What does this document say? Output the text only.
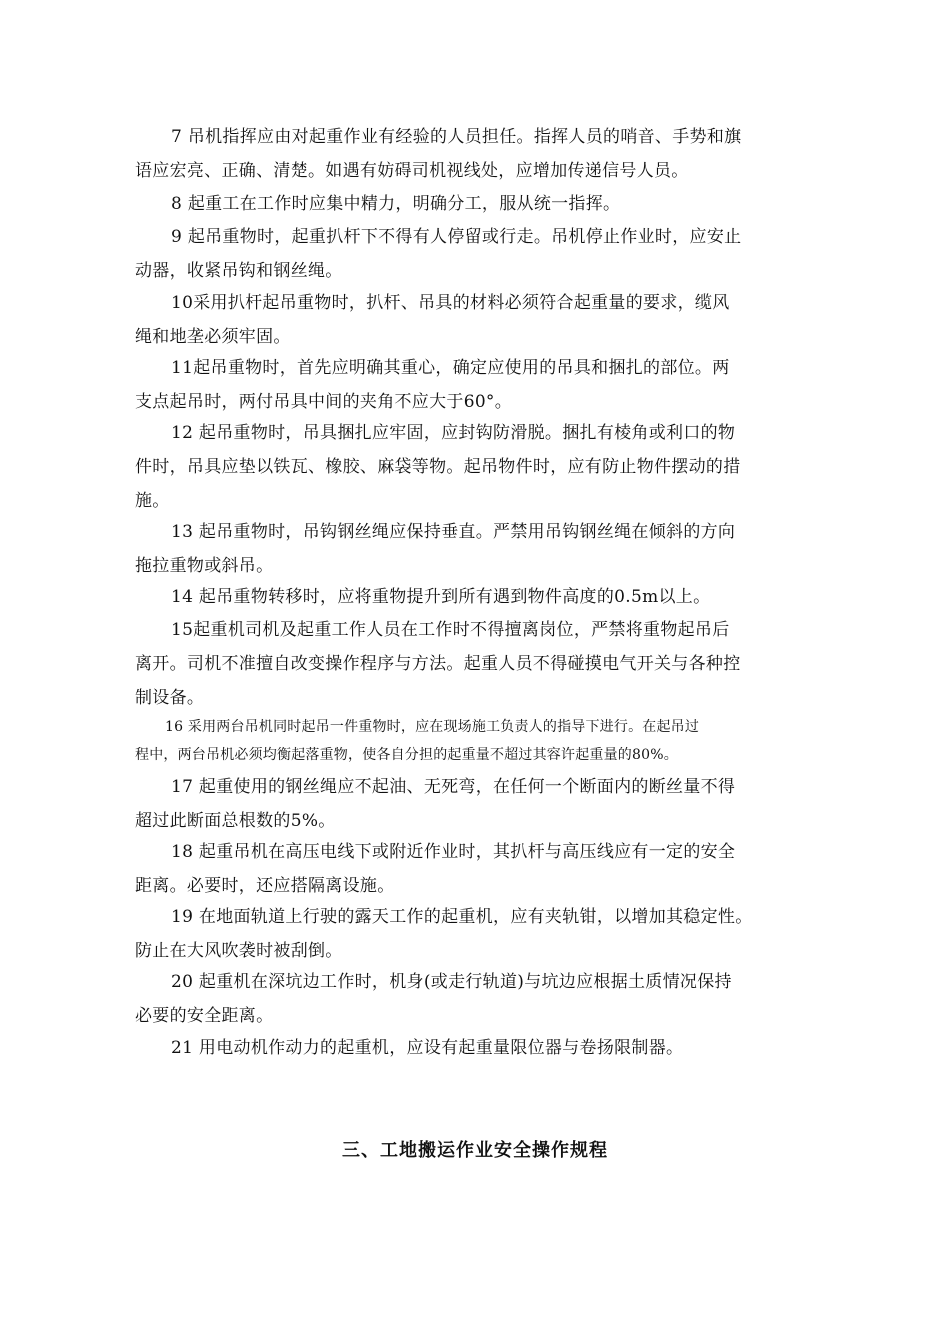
7 吊机指挥应由对起重作业有经验的人员担任。指挥人员的哨音、手势和旗
语应宏亮、正确、清楚。如遇有妨碍司机视线处，应增加传递信号人员。

8 起重工在工作时应集中精力，明确分工，服从统一指挥。

9 起吊重物时，起重扒杆下不得有人停留或行走。吊机停止作业时，应安止
动器，收紧吊钩和钢丝绳。

10采用扒杆起吊重物时，扒杆、吊具的材料必须符合起重量的要求，缆风
绳和地垄必须牢固。

11起吊重物时，首先应明确其重心，确定应使用的吊具和捆扎的部位。两
支点起吊时，两付吊具中间的夹角不应大于60°。

12 起吊重物时，吊具捆扎应牢固，应封钩防滑脱。捆扎有棱角或利口的物
件时，吊具应垫以铁瓦、橡胶、麻袋等物。起吊物件时，应有防止物件摆动的措
施。

13 起吊重物时，吊钩钢丝绳应保持垂直。严禁用吊钩钢丝绳在倾斜的方向
拖拉重物或斜吊。

14 起吊重物转移时，应将重物提升到所有遇到物件高度的0.5m以上。

15起重机司机及起重工作人员在工作时不得擅离岗位，严禁将重物起吊后
离开。司机不准擅自改变操作程序与方法。起重人员不得碰摸电气开关与各种控
制设备。

16 采用两台吊机同时起吊一件重物时，应在现场施工负责人的指导下进行。在起吊过
程中，两台吊机必须均衡起落重物，使各自分担的起重量不超过其容许起重量的80%。

17 起重使用的钢丝绳应不起油、无死弯，在任何一个断面内的断丝量不得
超过此断面总根数的5%。

18 起重吊机在高压电线下或附近作业时，其扒杆与高压线应有一定的安全
距离。必要时，还应搭隔离设施。

19 在地面轨道上行驶的露天工作的起重机，应有夹轨钳，以增加其稳定性。
防止在大风吹袭时被刮倒。

20 起重机在深坑边工作时，机身(或走行轨道)与坑边应根据土质情况保持
必要的安全距离。

21 用电动机作动力的起重机，应设有起重量限位器与卷扬限制器。

三、工地搬运作业安全操作规程
